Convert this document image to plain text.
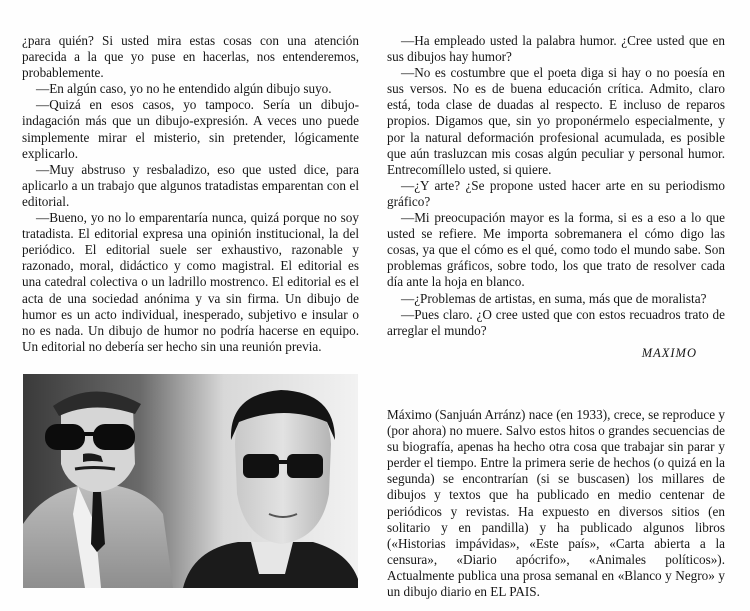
¿para quién? Si usted mira estas cosas con una atención parecida a la que yo puse en hacerlas, nos entenderemos, probablemente.

—En algún caso, yo no he entendido algún dibujo suyo.

—Quizá en esos casos, yo tampoco. Sería un dibujo-indagación más que un dibujo-expresión. A veces uno puede simplemente mirar el misterio, sin pretender, lógicamente explicarlo.

—Muy abstruso y resbaladizo, eso que usted dice, para aplicarlo a un trabajo que algunos tratadistas emparentan con el editorial.

—Bueno, yo no lo emparentaría nunca, quizá porque no soy tratadista. El editorial expresa una opinión institucional, la del periódico. El editorial suele ser exhaustivo, razonable y razonado, moral, didáctico y como magistral. El editorial es una catedral colectiva o un ladrillo mostrenco. El editorial es el acta de una sociedad anónima y va sin firma. Un dibujo de humor es un acto individual, inesperado, subjetivo e insular o no es nada. Un dibujo de humor no podría hacerse en equipo. Un editorial no debería ser hecho sin una reunión previa.

—Ha empleado usted la palabra humor. ¿Cree usted que en sus dibujos hay humor?

—No es costumbre que el poeta diga si hay o no poesía en sus versos. No es de buena educación crítica. Admito, claro está, toda clase de duadas al respecto. E incluso de reparos propios. Digamos que, sin yo proponérmelo especialmente, y por la natural deformación profesional acumulada, es posible que aún trasluzcan mis cosas algún peculiar y personal humor. Entrecomíllelo usted, si quiere.

—¿Y arte? ¿Se propone usted hacer arte en su periodismo gráfico?

—Mi preocupación mayor es la forma, si es a eso a lo que usted se refiere. Me importa sobremanera el cómo digo las cosas, ya que el cómo es el qué, como todo el mundo sabe. Son problemas gráficos, sobre todo, los que trato de resolver cada día ante la hoja en blanco.

—¿Problemas de artistas, en suma, más que de moralista?

—Pues claro. ¿O cree usted que con estos recuadros trato de arreglar el mundo?

MAXIMO

Máximo (Sanjuán Arránz) nace (en 1933), crece, se reproduce y (por ahora) no muere. Salvo estos hitos o grandes secuencias de su biografía, apenas ha hecho otra cosa que trabajar sin parar y perder el tiempo. Entre la primera serie de hechos (o quizá en la segunda) se encontrarían (si se buscasen) los millares de dibujos y textos que ha publicado en medio centenar de periódicos y revistas. Ha expuesto en diversos sitios (en solitario y en pandilla) y ha publicado algunos libros («Historias impávidas», «Este país», «Carta abierta a la censura», «Diario apócrifo», «Animales políticos»). Actualmente publica una prosa semanal en «Blanco y Negro» y un dibujo diario en EL PAIS.
